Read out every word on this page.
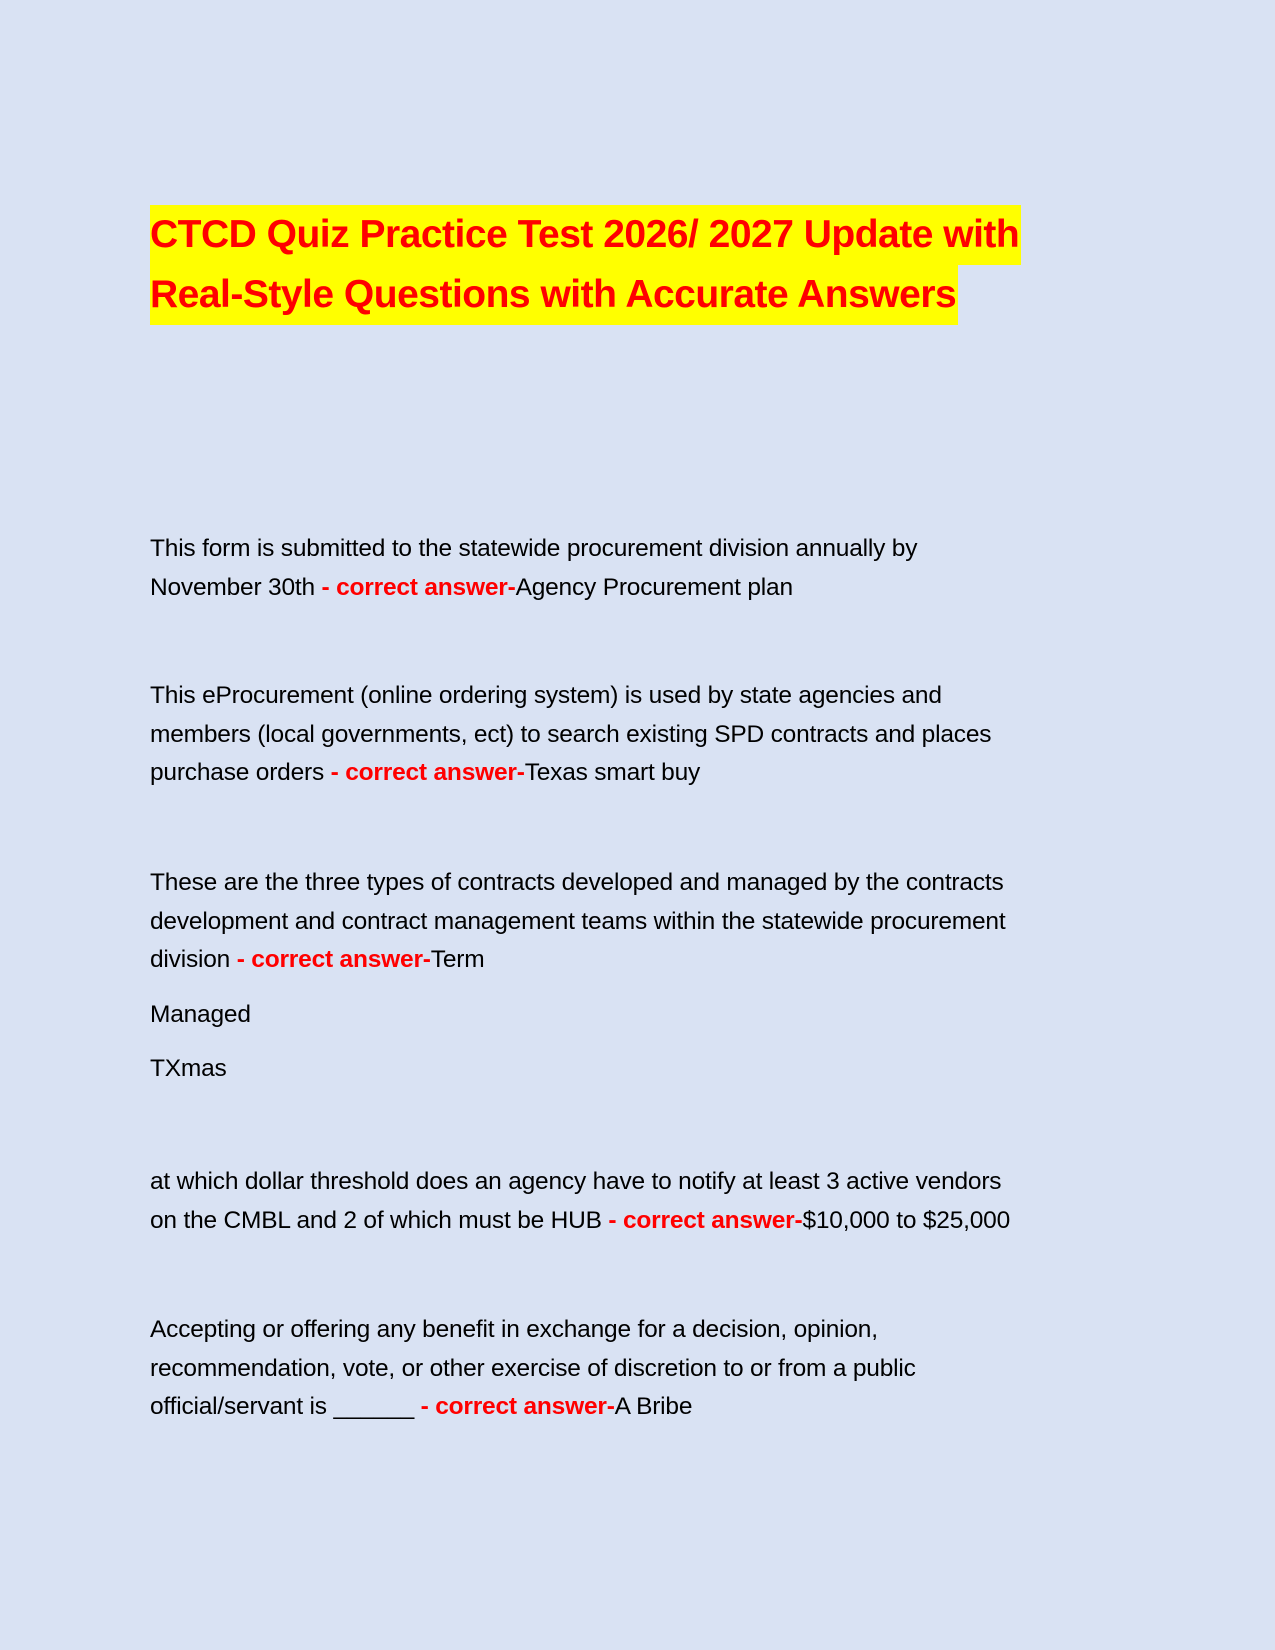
CTCD Quiz Practice Test 2026/ 2027 Update with Real-Style Questions with Accurate Answers
This form is submitted to the statewide procurement division annually by
November 30th - correct answer-Agency Procurement plan
This eProcurement (online ordering system) is used by state agencies and
members (local governments, ect) to search existing SPD contracts and places
purchase orders - correct answer-Texas smart buy
These are the three types of contracts developed and managed by the contracts
development and contract management teams within the statewide procurement
division - correct answer-Term
Managed
TXmas
at which dollar threshold does an agency have to notify at least 3 active vendors
on the CMBL and 2 of which must be HUB - correct answer-$10,000 to $25,000
Accepting or offering any benefit in exchange for a decision, opinion,
recommendation, vote, or other exercise of discretion to or from a public
official/servant is ______ - correct answer-A Bribe
